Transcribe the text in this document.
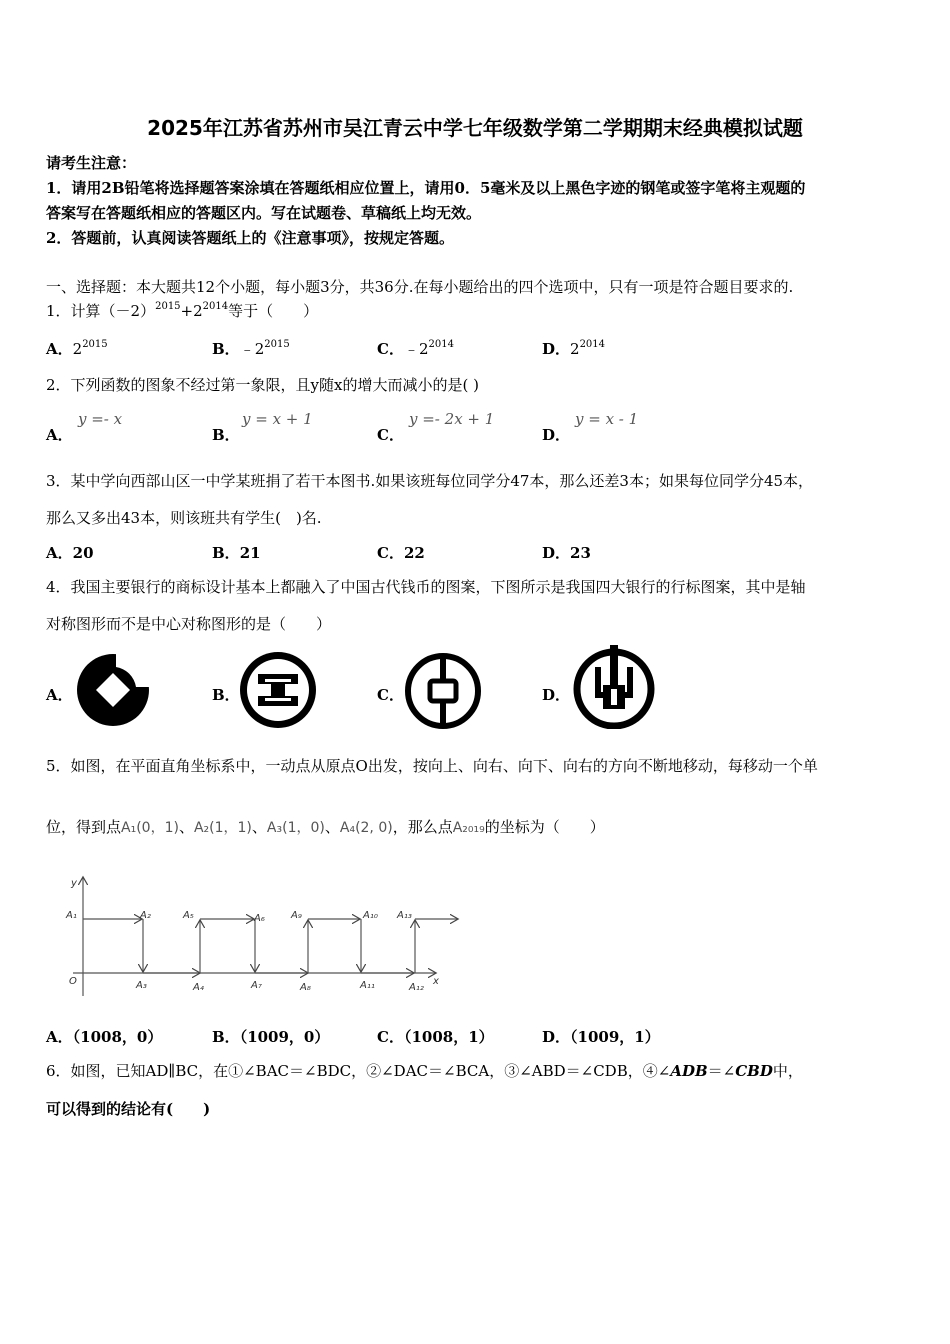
2025年江苏省苏州市吴江青云中学七年级数学第二学期期末经典模拟试题
请考生注意：
1．请用2B铅笔将选择题答案涂填在答题纸相应位置上，请用0．5毫米及以上黑色字迹的钢笔或签字笔将主观题的
答案写在答题纸相应的答题区内。写在试题卷、草稿纸上均无效。
2．答题前，认真阅读答题纸上的《注意事项》，按规定答题。
一、选择题：本大题共12个小题，每小题3分，共36分.在每小题给出的四个选项中，只有一项是符合题目要求的.
1．计算$(-2)^{2015}+2^{2014}$等于（　　）
A．$2^{2015}$	B．$﹣2^{2015}$	C．$﹣2^{2014}$	D．$2^{2014}$
2．下列函数的图象不经过第一象限，且y随x的增大而减小的是( )
A．
y =- x
B．
y = x + 1
C．
y =- 2x + 1
D．
y = x - 1
3．某中学向西部山区一中学某班捐了若干本图书.如果该班每位同学分47本，那么还差3本；如果每位同学分45本，
那么又多出43本，则该班共有学生(　)名.
A．20	B．21	C．22	D．23
4．我国主要银行的商标设计基本上都融入了中国古代钱币的图案，下图所示是我国四大银行的行标图案，其中是轴
对称图形而不是中心对称图形的是（　　）
A．	B．	C．	D．
5．如图，在平面直角坐标系中，一动点从原点O出发，按向上、向右、向下、向右的方向不断地移动，每移动一个单
位，得到点A₁(0，1)、A₂(1，1)、A₃(1，0)、A₄(2, 0)，那么点A₂₀₁₉的坐标为（　　）
y
x
O
A₁	A₂	A₅	A₆	A₉	A₁₀ A₁₃
A₃	A₄	A₇	A₈	A₁₁	A₁₂
A．（1008，0）	B．（1009，0）	C．（1008，1）	D．（1009，1）
6．如图，已知AD∥BC，在①∠BAC＝∠BDC，②∠DAC＝∠BCA，③∠ABD＝∠CDB，④∠ADB＝∠CBD中，
可以得到的结论有(　　)
